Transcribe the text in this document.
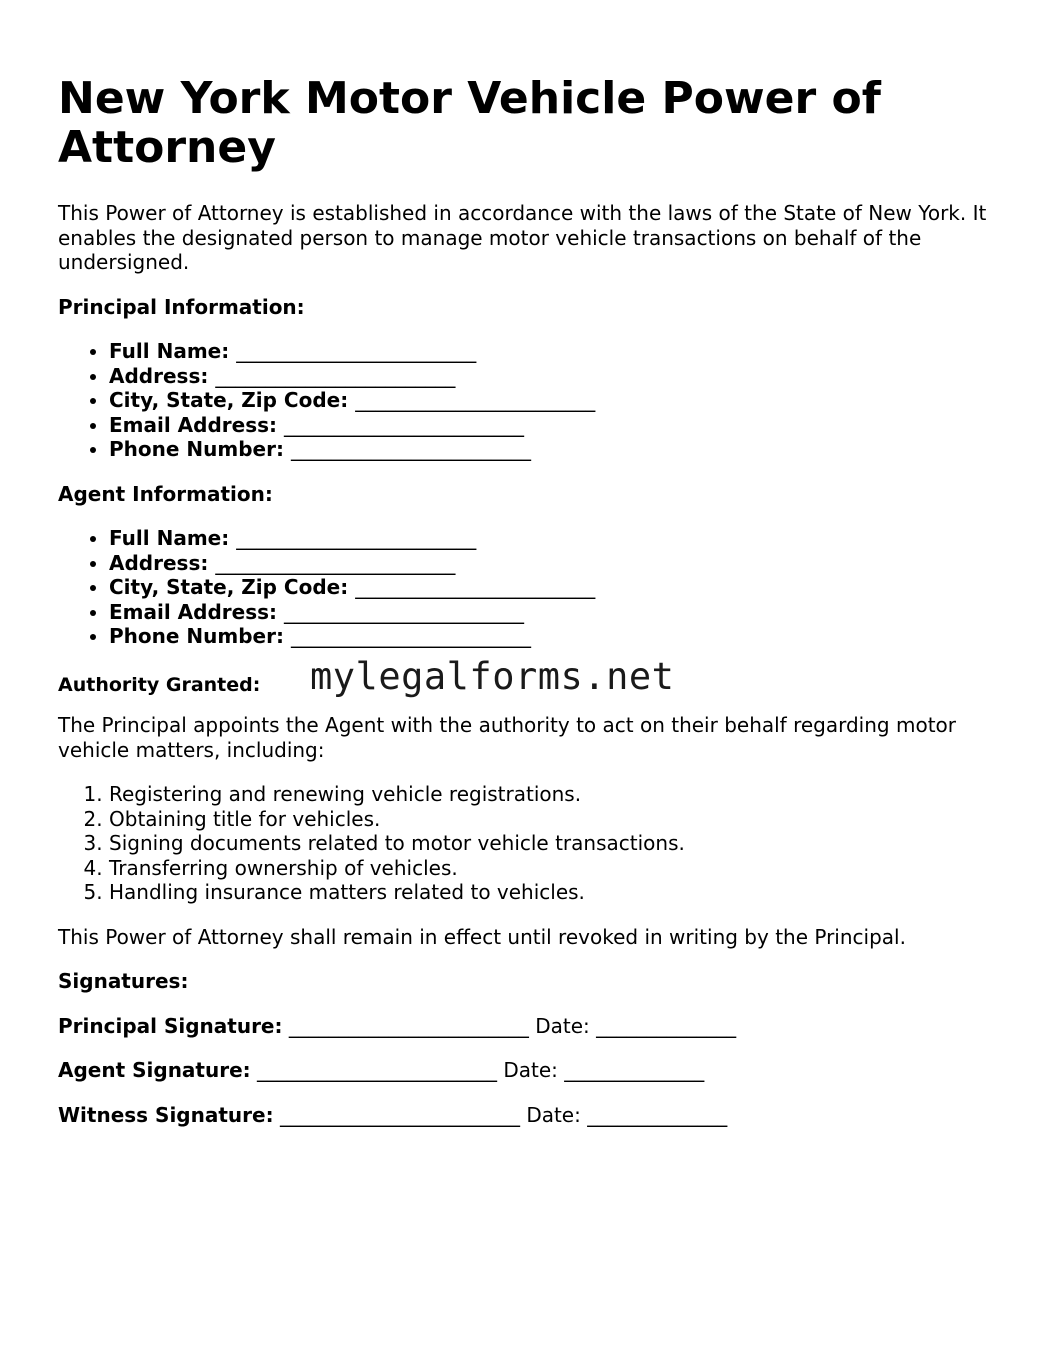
New York Motor Vehicle Power of Attorney

This Power of Attorney is established in accordance with the laws of the State of New York. It enables the designated person to manage motor vehicle transactions on behalf of the undersigned.

Principal Information:

• Full Name: ________________________
• Address: ________________________
• City, State, Zip Code: ________________________
• Email Address: ________________________
• Phone Number: ________________________

Agent Information:

• Full Name: ________________________
• Address: ________________________
• City, State, Zip Code: ________________________
• Email Address: ________________________
• Phone Number: ________________________
Authority Granted: mylegalforms.net

The Principal appoints the Agent with the authority to act on their behalf regarding motor vehicle matters, including:

1. Registering and renewing vehicle registrations.
2. Obtaining title for vehicles.
3. Signing documents related to motor vehicle transactions.
4. Transferring ownership of vehicles.
5. Handling insurance matters related to vehicles.

This Power of Attorney shall remain in effect until revoked in writing by the Principal.

Signatures:

Principal Signature: ________________________ Date: ______________

Agent Signature: ________________________ Date: ______________

Witness Signature: ________________________ Date: ______________
